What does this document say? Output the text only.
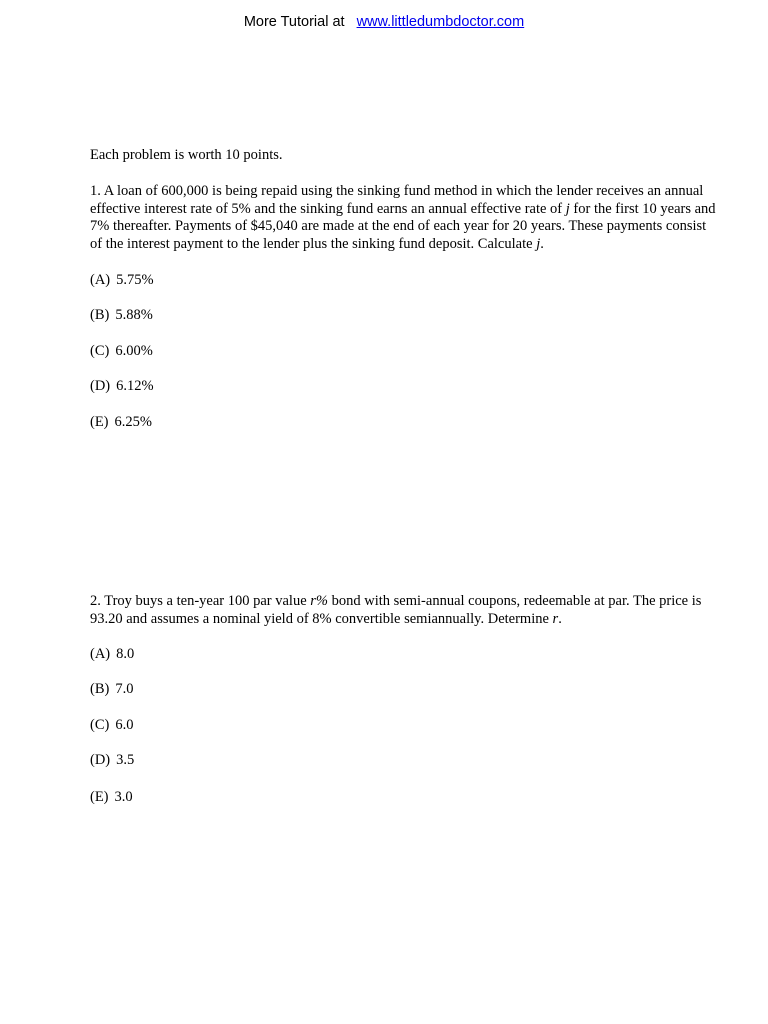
More Tutorial at www.littledumbdoctor.com

Each problem is worth 10 points.

1. A loan of 600,000 is being repaid using the sinking fund method in which the lender receives an annual effective interest rate of 5% and the sinking fund earns an annual effective rate of j for the first 10 years and 7% thereafter. Payments of $45,040 are made at the end of each year for 20 years. These payments consist of the interest payment to the lender plus the sinking fund deposit. Calculate j.

(A) 5.75%
(B) 5.88%
(C) 6.00%
(D) 6.12%
(E) 6.25%

2. Troy buys a ten-year 100 par value r% bond with semi-annual coupons, redeemable at par. The price is 93.20 and assumes a nominal yield of 8% convertible semiannually. Determine r.

(A) 8.0
(B) 7.0
(C) 6.0
(D) 3.5
(E) 3.0
